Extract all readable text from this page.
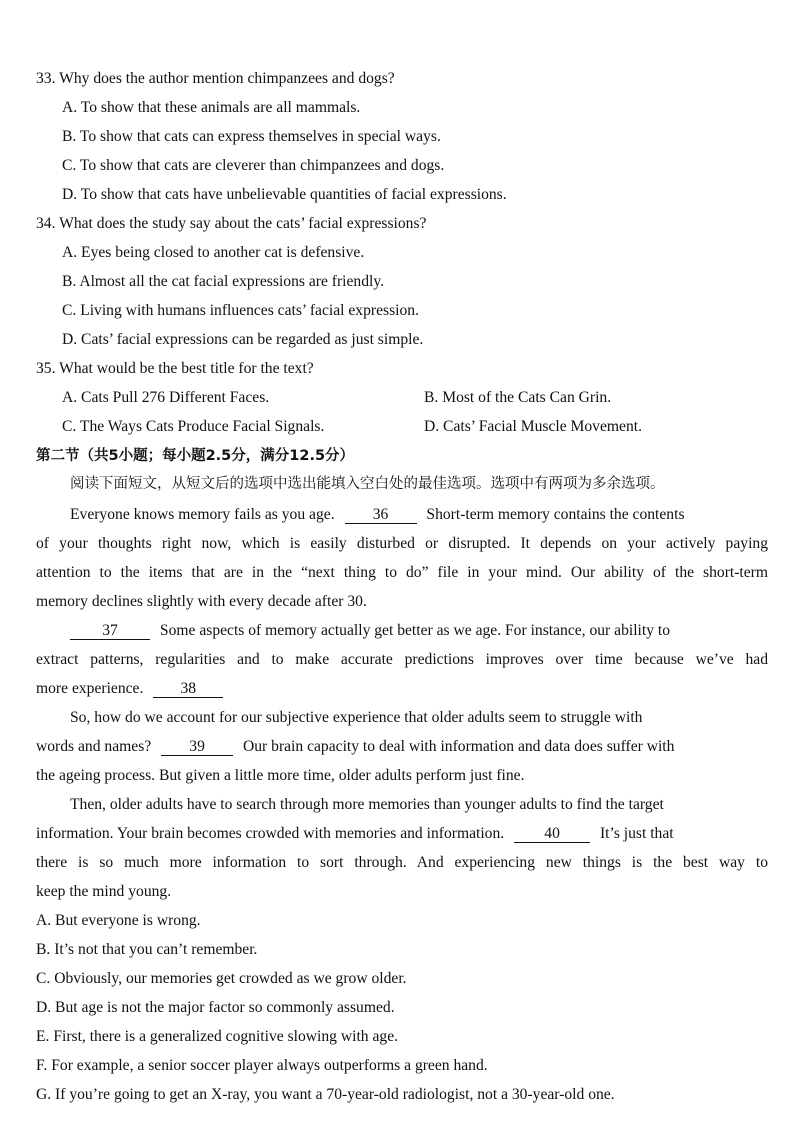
33. Why does the author mention chimpanzees and dogs?
A. To show that these animals are all mammals.
B. To show that cats can express themselves in special ways.
C. To show that cats are cleverer than chimpanzees and dogs.
D. To show that cats have unbelievable quantities of facial expressions.
34. What does the study say about the cats’ facial expressions?
A. Eyes being closed to another cat is defensive.
B. Almost all the cat facial expressions are friendly.
C. Living with humans influences cats’ facial expression.
D. Cats’ facial expressions can be regarded as just simple.
35. What would be the best title for the text?
A. Cats Pull 276 Different Faces.	B. Most of the Cats Can Grin.
C. The Ways Cats Produce Facial Signals.	D. Cats’ Facial Muscle Movement.
第二节（共5小题；每小题2.5分，满分12.5分）
阅读下面短文，从短文后的选项中选出能填入空白处的最佳选项。选项中有两项为多余选项。
Everyone knows memory fails as you age. 36 Short-term memory contains the contents
of your thoughts right now, which is easily disturbed or disrupted. It depends on your actively paying
attention to the items that are in the “next thing to do” file in your mind. Our ability of the short-term
memory declines slightly with every decade after 30.
37	Some aspects of memory actually get better as we age. For instance, our ability to
extract patterns, regularities and to make accurate predictions improves over time because we’ve had
more experience. 38
So, how do we account for our subjective experience that older adults seem to struggle with
words and names? 39 Our brain capacity to deal with information and data does suffer with
the ageing process. But given a little more time, older adults perform just fine.
Then, older adults have to search through more memories than younger adults to find the target
information. Your brain becomes crowded with memories and information.	40	It’s just that
there is so much more information to sort through. And experiencing new things is the best way to
keep the mind young.
A. But everyone is wrong.
B. It’s not that you can’t remember.
C. Obviously, our memories get crowded as we grow older.
D. But age is not the major factor so commonly assumed.
E. First, there is a generalized cognitive slowing with age.
F. For example, a senior soccer player always outperforms a green hand.
G. If you’re going to get an X-ray, you want a 70-year-old radiologist, not a 30-year-old one.
